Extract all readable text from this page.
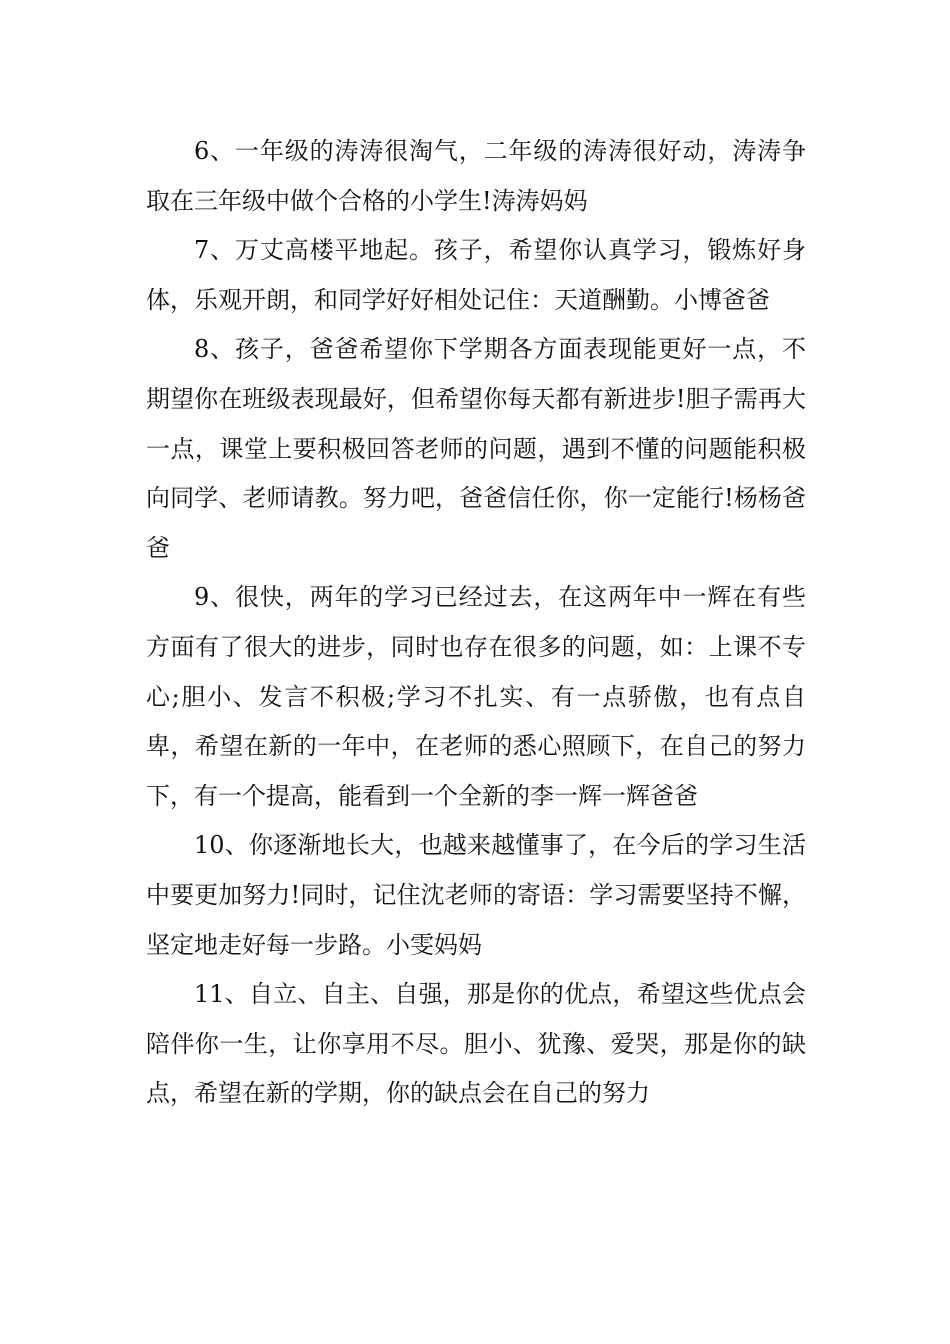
6、一年级的涛涛很淘气，二年级的涛涛很好动，涛涛争取在三年级中做个合格的小学生!涛涛妈妈

7、万丈高楼平地起。孩子，希望你认真学习，锻炼好身体，乐观开朗，和同学好好相处记住：天道酬勤。小博爸爸

8、孩子，爸爸希望你下学期各方面表现能更好一点，不期望你在班级表现最好，但希望你每天都有新进步!胆子需再大一点，课堂上要积极回答老师的问题，遇到不懂的问题能积极向同学、老师请教。努力吧，爸爸信任你，你一定能行!杨杨爸爸

9、很快，两年的学习已经过去，在这两年中一辉在有些方面有了很大的进步，同时也存在很多的问题，如：上课不专心;胆小、发言不积极;学习不扎实、有一点骄傲，也有点自卑，希望在新的一年中，在老师的悉心照顾下，在自己的努力下，有一个提高，能看到一个全新的李一辉一辉爸爸

10、你逐渐地长大，也越来越懂事了，在今后的学习生活中要更加努力!同时，记住沈老师的寄语：学习需要坚持不懈，坚定地走好每一步路。小雯妈妈

11、自立、自主、自强，那是你的优点，希望这些优点会陪伴你一生，让你享用不尽。胆小、犹豫、爱哭，那是你的缺点，希望在新的学期，你的缺点会在自己的努力
